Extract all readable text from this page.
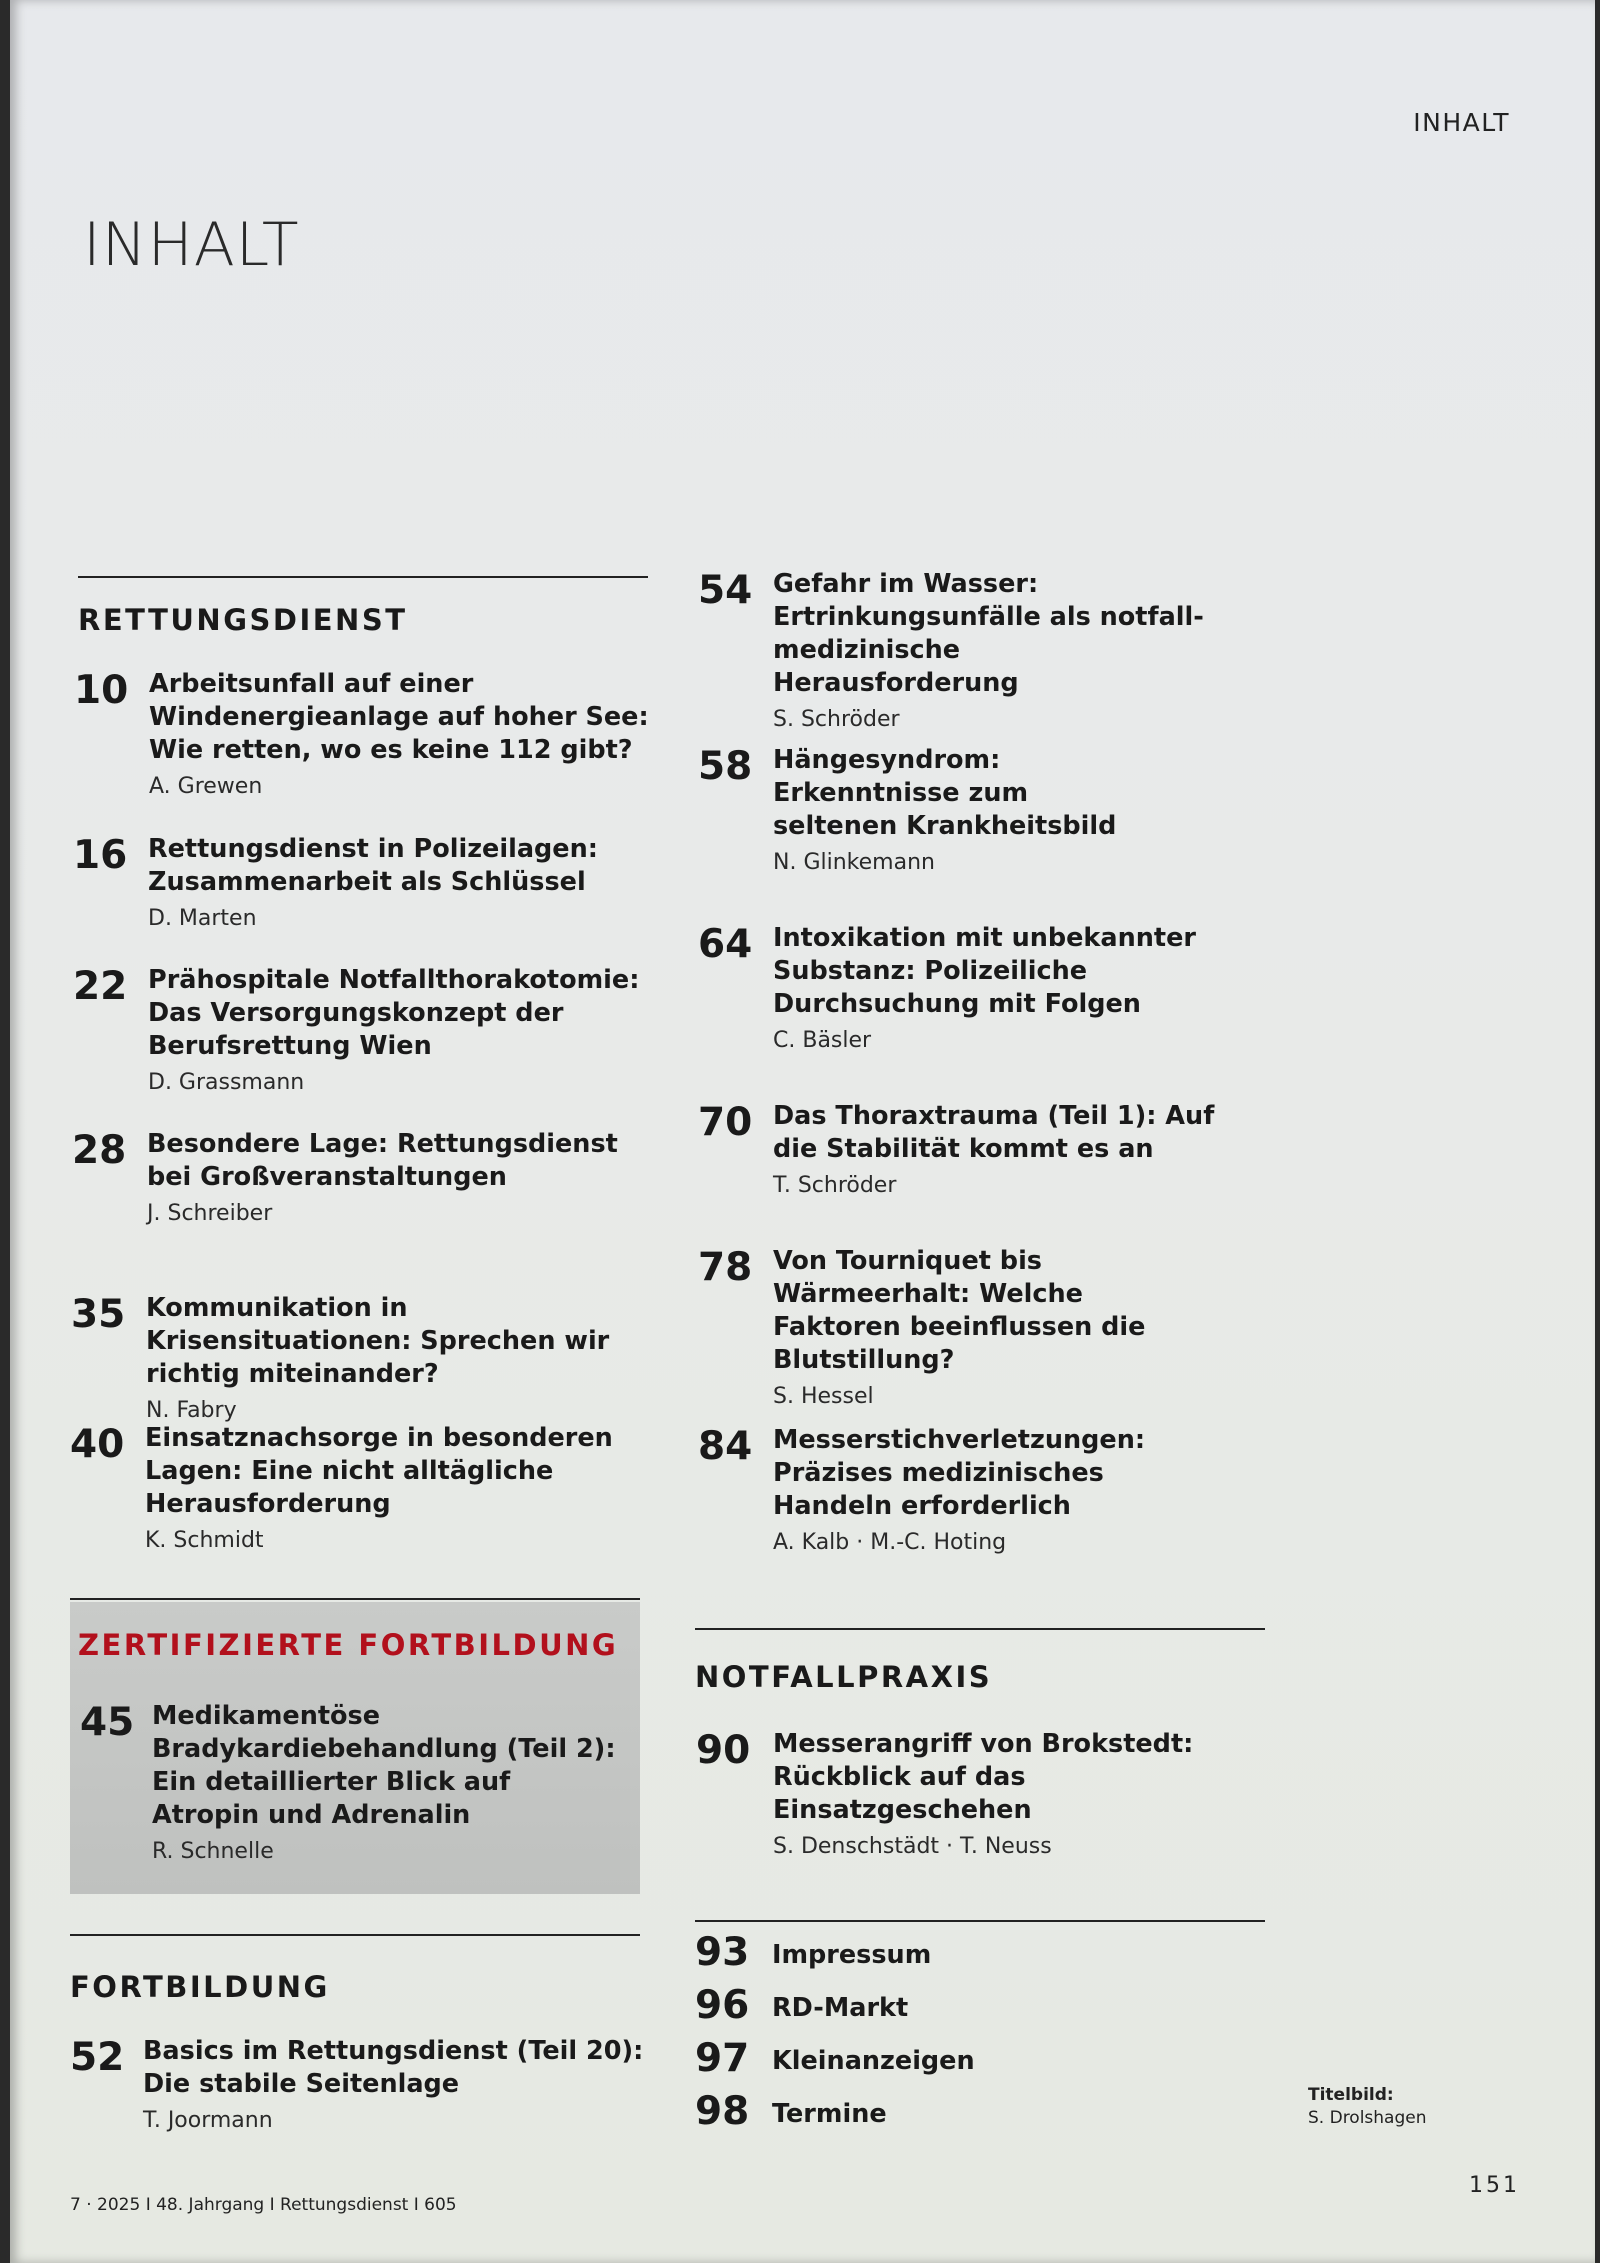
INHALT
INHALT
RETTUNGSDIENST
10 Arbeitsunfall auf einer Windenergieanlage auf hoher See: Wie retten, wo es keine 112 gibt?
A. Grewen
16 Rettungsdienst in Polizeilagen: Zusammenarbeit als Schlüssel
D. Marten
22 Prähospitale Notfallthorakotomie: Das Versorgungskonzept der Berufsrettung Wien
D. Grassmann
28 Besondere Lage: Rettungsdienst bei Großveranstaltungen
J. Schreiber
35 Kommunikation in Krisensituationen: Sprechen wir richtig miteinander?
N. Fabry
40 Einsatznachsorge in besonderen Lagen: Eine nicht alltägliche Herausforderung
K. Schmidt
ZERTIFIZIERTE FORTBILDUNG
45 Medikamentöse Bradykardiebehandlung (Teil 2): Ein detaillierter Blick auf Atropin und Adrenalin
R. Schnelle
FORTBILDUNG
52 Basics im Rettungsdienst (Teil 20): Die stabile Seitenlage
T. Joormann
54 Gefahr im Wasser: Ertrinkungsunfälle als notfall-medizinische Herausforderung
S. Schröder
58 Hängesyndrom: Erkenntnisse zum seltenen Krankheitsbild
N. Glinkemann
64 Intoxikation mit unbekannter Substanz: Polizeiliche Durchsuchung mit Folgen
C. Bäsler
70 Das Thoraxtrauma (Teil 1): Auf die Stabilität kommt es an
T. Schröder
78 Von Tourniquet bis Wärmeerhalt: Welche Faktoren beeinflussen die Blutstillung?
S. Hessel
84 Messerstichverletzungen: Präzises medizinisches Handeln erforderlich
A. Kalb · M.-C. Hoting
NOTFALLPRAXIS
90 Messerangriff von Brokstedt: Rückblick auf das Einsatzgeschehen
S. Denschstädt · T. Neuss
93 Impressum
96 RD-Markt
97 Kleinanzeigen
98 Termine
Titelbild:
S. Drolshagen
7 · 2025 I 48. Jahrgang I Rettungsdienst I 605
151
